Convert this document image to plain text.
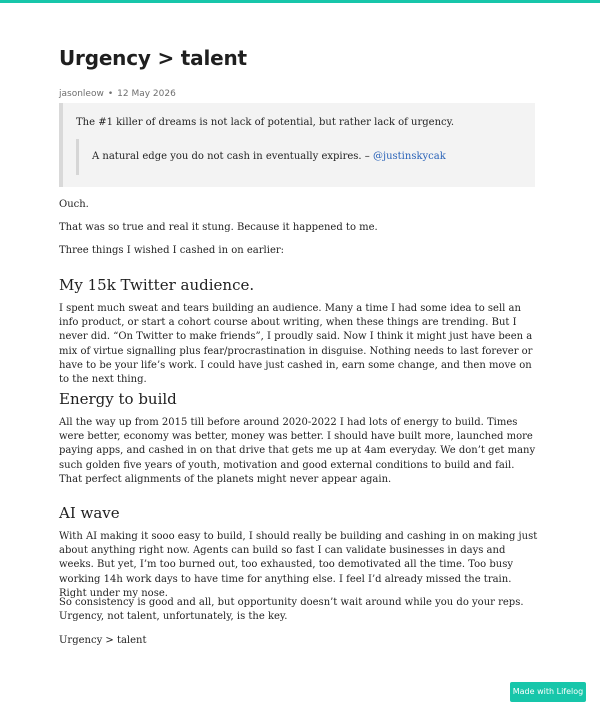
Urgency > talent
jasonleow • 12 May 2026
The #1 killer of dreams is not lack of potential, but rather lack of urgency.
A natural edge you do not cash in eventually expires. – @justinskycak

Ouch.

That was so true and real it stung. Because it happened to me.

Three things I wished I cashed in on earlier:

My 15k Twitter audience.

I spent much sweat and tears building an audience. Many a time I had some idea to sell an info product, or start a cohort course about writing, when these things are trending. But I never did. “On Twitter to make friends”, I proudly said. Now I think it might just have been a mix of virtue signalling plus fear/procrastination in disguise. Nothing needs to last forever or have to be your life’s work. I could have just cashed in, earn some change, and then move on to the next thing.

Energy to build

All the way up from 2015 till before around 2020-2022 I had lots of energy to build. Times were better, economy was better, money was better. I should have built more, launched more paying apps, and cashed in on that drive that gets me up at 4am everyday. We don’t get many such golden five years of youth, motivation and good external conditions to build and fail. That perfect alignments of the planets might never appear again.

AI wave

With AI making it sooo easy to build, I should really be building and cashing in on making just about anything right now. Agents can build so fast I can validate businesses in days and weeks. But yet, I’m too burned out, too exhausted, too demotivated all the time. Too busy working 14h work days to have time for anything else. I feel I’d already missed the train. Right under my nose.

So consistency is good and all, but opportunity doesn’t wait around while you do your reps. Urgency, not talent, unfortunately, is the key.

Urgency > talent

Made with Lifelog
